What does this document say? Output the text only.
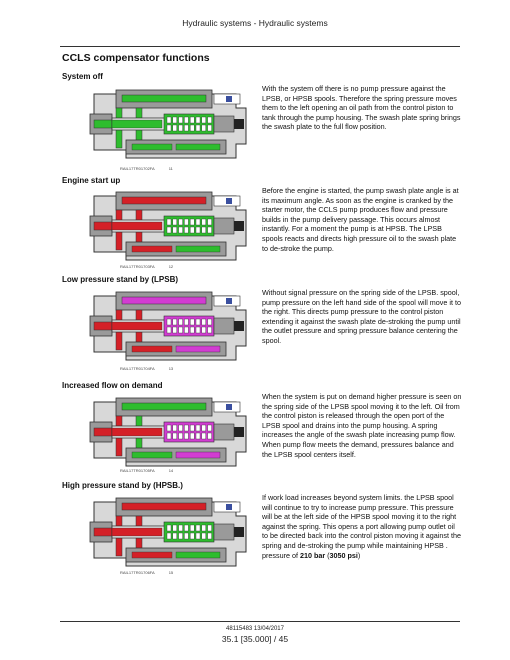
Hydraulic systems - Hydraulic systems
CCLS compensator functions
System off
RAIL17TR01702FA	11
With the system off there is no pump pressure against the LPSB, or HPSB spools. Therefore the spring pressure moves them to the left opening an oil path from the control piston to tank through the pump housing. The swash plate spring brings the swash plate to the full flow position.
Engine start up
RAIL17TR01703FA	12
Before the engine is started, the pump swash plate angle is at its maximum angle. As soon as the engine is cranked by the starter motor, the CCLS pump produces flow and pressure builds in the pump delivery passage. This occurs almost instantly. For a moment the pump is at HPSB. The LPSB spools reacts and directs high pressure oil to the swash plate to de-stroke the pump.
Low pressure stand by (LPSB)
RAIL17TR01704FA	13
Without signal pressure on the spring side of the LPSB. spool, pump pressure on the left hand side of the spool will move it to the right. This directs pump pressure to the control piston extending it against the swash plate de-stroking the pump until the outlet pressure and spring pressure balance centering the spool.
Increased flow on demand
RAIL17TR01705FA	14
When the system is put on demand higher pressure is seen on the spring side of the LPSB spool moving it to the left. Oil from the control piston is released through the open port of the LPSB spool and drains into the pump housing. A spring increases the angle of the swash plate increasing pump flow. When pump flow meets the demand, pressures balance and the LPSB spool centers itself.
High pressure stand by (HPSB.)
RAIL17TR01706FA	15
If work load increases beyond system limits. the LPSB spool will continue to try to increase pump pressure. This pressure will be at the left side of the HPSB spool moving it to the right against the spring. This opens a port allowing pump outlet oil to be directed back into the control piston moving it against the spring and de-stroking the pump while maintaining HPSB . pressure of 210 bar (3050 psi)
48115483 13/04/2017
35.1 [35.000] / 45
